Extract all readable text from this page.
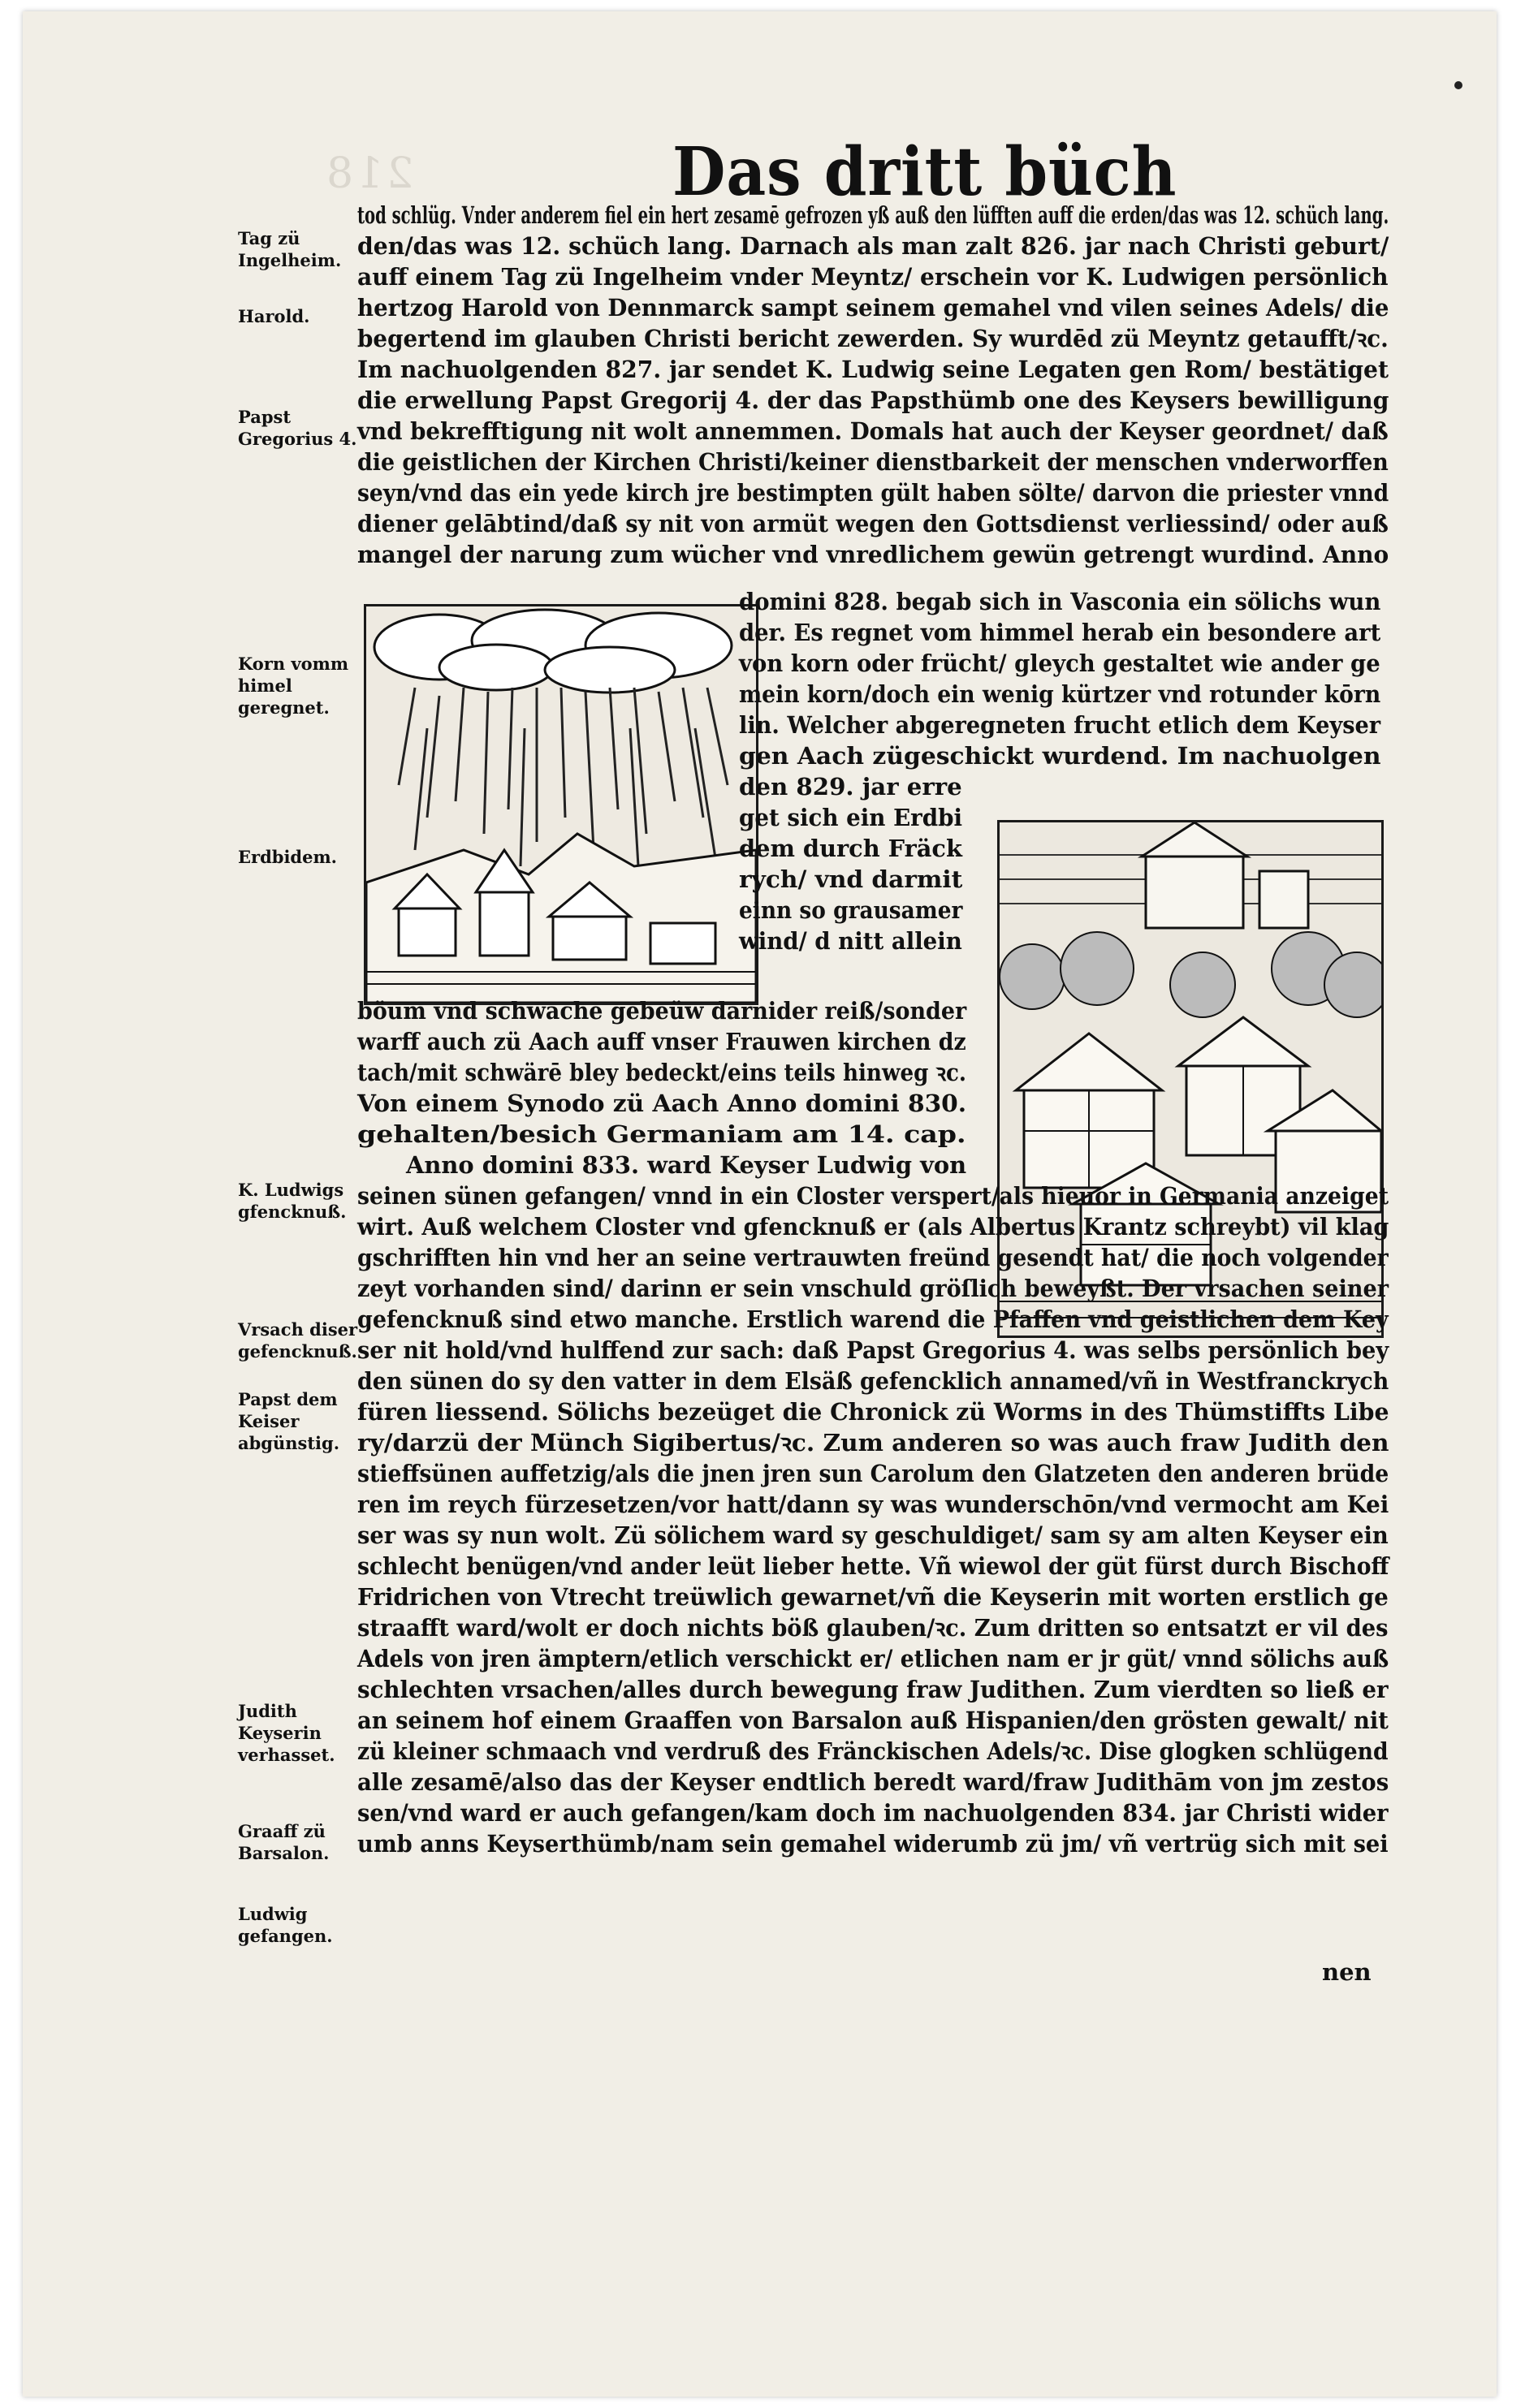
218	Das dritt büch
Tag zü Ingelheim.
Harold.
Papst Gregorius 4.
Korn vomm himel geregnet.
Erdbidem.
K. Ludwigs gfencknuß.
Vrsach diser gefencknuß.
Papst dem Keiser abgünstig.
Judith Keyserin verhasset.
Graaff zü Barsalon.
Ludwig gefangen.
tod schlüg. Vnder anderem fiel ein hert zesamē gefrozen yß auß den lüfften auff die erden/das was 12. schüch lang.
den/das was 12. schüch lang. Darnach als man zalt 826. jar nach Christi geburt/
auff einem Tag zü Ingelheim vnder Meyntz/ erschein vor K. Ludwigen persönlich
hertzog Harold von Dennmarck sampt seinem gemahel vnd vilen seines Adels/ die
begertend im glauben Christi bericht zewerden. Sy wurdēd zü Meyntz getaufft/ꝛc.
Im nachuolgenden 827. jar sendet K. Ludwig seine Legaten gen Rom/ bestätiget
die erwellung Papst Gregorij 4. der das Papsthümb one des Keysers bewilligung
vnd bekrefftigung nit wolt annemmen. Domals hat auch der Keyser geordnet/ daß
die geistlichen der Kirchen Christi/keiner dienstbarkeit der menschen vnderworffen
seyn/vnd das ein yede kirch jre bestimpten gült haben sölte/ darvon die priester vnnd
diener gelābtind/daß sy nit von armüt wegen den Gottsdienst verliessind/ oder auß
mangel der narung zum wücher vnd vnredlichem gewün getrengt wurdind. Anno
domini 828. begab sich in Vasconia ein sölichs wun
der. Es regnet vom himmel herab ein besondere art
von korn oder frücht/ gleych gestaltet wie ander ge
mein korn/doch ein wenig kürtzer vnd rotunder kōrn
lin. Welcher abgeregneten frucht etlich dem Keyser
gen Aach zügeschickt wurdend. Im nachuolgen
den 829. jar erre
get sich ein Erdbi
dem durch Fräck
rych/ vnd darmit
einn so grausamer
wind/ d nitt allein
böum vnd schwache gebeüw darnider reiß/sonder
warff auch zü Aach auff vnser Frauwen kirchen dz
tach/mit schwärē bley bedeckt/eins teils hinweg ꝛc.
Von einem Synodo zü Aach Anno domini 830.
gehalten/besich Germaniam am 14. cap.
Anno domini 833. ward Keyser Ludwig von
seinen sünen gefangen/ vnnd in ein Closter verspert/als hieuor in Germania anzeiget
wirt. Auß welchem Closter vnd gfencknuß er (als Albertus Krantz schreybt) vil klag
gschrifften hin vnd her an seine vertrauwten freünd gesendt hat/ die noch volgender
zeyt vorhanden sind/ darinn er sein vnschuld gröſlich beweyßt. Der vrsachen seiner
gefencknuß sind etwo manche. Erstlich warend die Pfaffen vnd geistlichen dem Key
ser nit hold/vnd hulffend zur sach: daß Papst Gregorius 4. was selbs persönlich bey
den sünen do sy den vatter in dem Elsäß gefencklich annamed/vñ in Westfranckrych
füren liessend. Sölichs bezeüget die Chronick zü Worms in des Thümstiffts Libe
ry/darzü der Münch Sigibertus/ꝛc. Zum anderen so was auch fraw Judith den
stieffsünen auffetzig/als die jnen jren sun Carolum den Glatzeten den anderen brüde
ren im reych fürzesetzen/vor hatt/dann sy was wunderschōn/vnd vermocht am Kei
ser was sy nun wolt. Zü sölichem ward sy geschuldiget/ sam sy am alten Keyser ein
schlecht benügen/vnd ander leüt lieber hette. Vñ wiewol der güt fürst durch Bischoff
Fridrichen von Vtrecht treüwlich gewarnet/vñ die Keyserin mit worten erstlich ge
straafft ward/wolt er doch nichts böß glauben/ꝛc. Zum dritten so entsatzt er vil des
Adels von jren ämptern/etlich verschickt er/ etlichen nam er jr güt/ vnnd sölichs auß
schlechten vrsachen/alles durch bewegung fraw Judithen. Zum vierdten so ließ er
an seinem hof einem Graaffen von Barsalon auß Hispanien/den grösten gewalt/ nit
zü kleiner schmaach vnd verdruß des Fränckischen Adels/ꝛc. Dise glogken schlügend
alle zesamē/also das der Keyser endtlich beredt ward/fraw Judithām von jm zestos
sen/vnd ward er auch gefangen/kam doch im nachuolgenden 834. jar Christi wider
umb anns Keyserthümb/nam sein gemahel widerumb zü jm/ vñ vertrüg sich mit sei
nen
